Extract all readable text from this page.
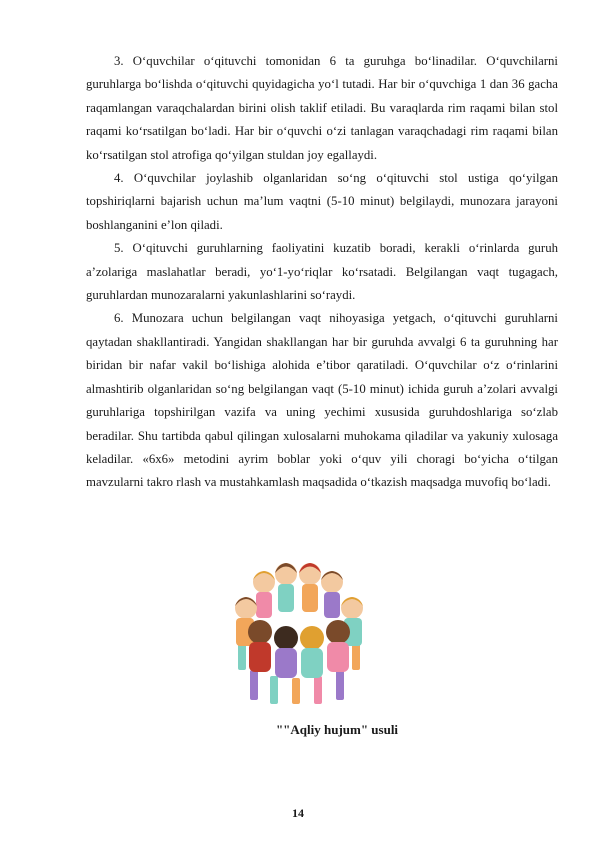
3. O‘quvchilar o‘qituvchi tomonidan 6 ta guruhga bo‘linadilar. O‘quvchilarni guruhlarga bo‘lishda o‘qituvchi quyidagicha yo‘l tutadi. Har bir o‘quvchiga 1 dan 36 gacha raqamlangan varaqchalardan birini olish taklif etiladi. Bu varaqlarda rim raqami bilan stol raqami ko‘rsatilgan bo‘ladi. Har bir o‘quvchi o‘zi tanlagan varaqchadagi rim raqami bilan ko‘rsatilgan stol atrofiga qo‘yilgan stuldan joy egallaydi.

4. O‘quvchilar joylashib olganlaridan so‘ng o‘qituvchi stol ustiga qo‘yilgan topshiriqlarni bajarish uchun ma’lum vaqtni (5-10 minut) belgilaydi, munozara jarayoni boshlanganini e’lon qiladi.

5. O‘qituvchi guruhlarning faoliyatini kuzatib boradi, kerakli o‘rinlarda guruh a’zolariga maslahatlar beradi, yo‘1-yo‘riqlar ko‘rsatadi. Belgilangan vaqt tugagach, guruhlardan munozaralarni yakunlashlarini so‘raydi.

6. Munozara uchun belgilangan vaqt nihoyasiga yetgach, o‘qituvchi guruhlarni qaytadan shakllantiradi. Yangidan shakllangan har bir guruhda avvalgi 6 ta guruhning har biridan bir nafar vakil bo‘lishiga alohida e’tibor qaratiladi. O‘quvchilar o‘z o‘rinlarini almashtirib olganlaridan so‘ng belgilangan vaqt (5-10 minut) ichida guruh a’zolari avvalgi guruhlariga topshirilgan vazifa va uning yechimi xususida guruhdoshlariga so‘zlab beradilar. Shu tartibda qabul qilingan xulosalarni muhokama qiladilar va yakuniy xulosaga keladilar. «6x6» metodini ayrim boblar yoki o‘quv yili choragi bo‘yicha o‘tilgan mavzularni takro rlash va mustahkamlash maqsadida o‘tkazish maqsadga muvofiq bo‘ladi.

""Aqliy hujum" usuli
14
